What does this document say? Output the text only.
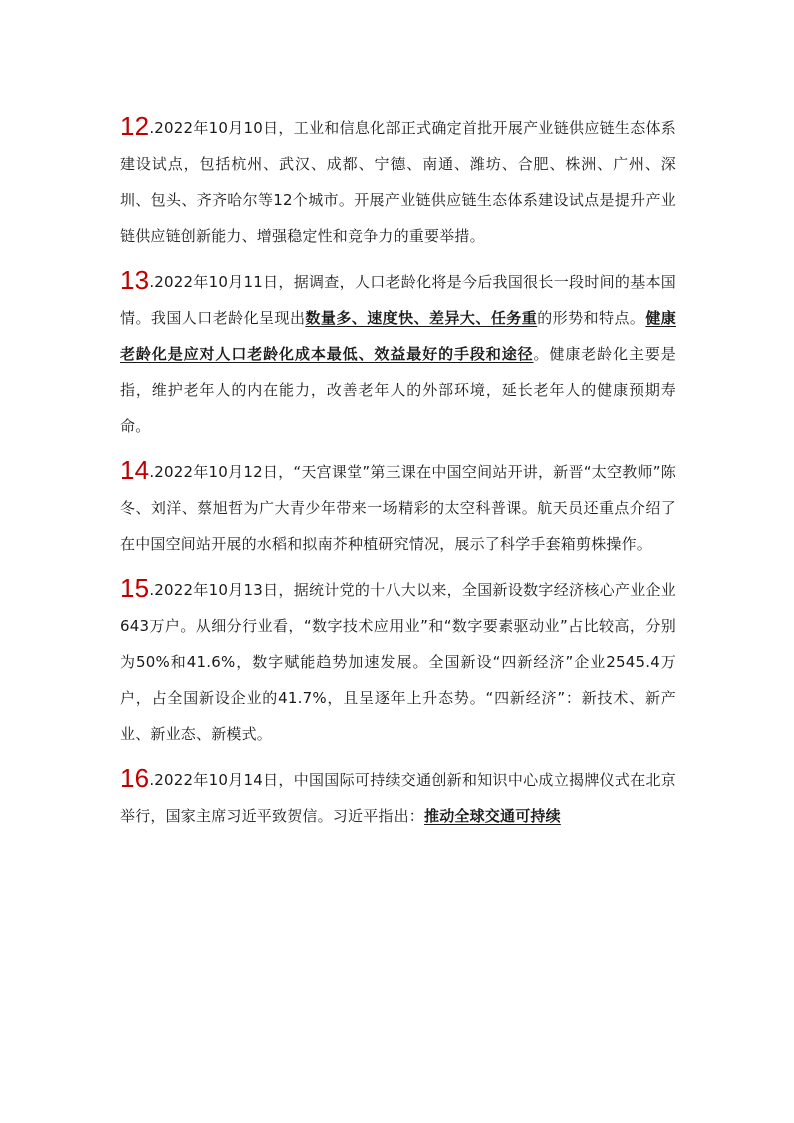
12.2022年10月10日，工业和信息化部正式确定首批开展产业链供应链生态体系建设试点，包括杭州、武汉、成都、宁德、南通、潍坊、合肥、株洲、广州、深圳、包头、齐齐哈尔等12个城市。开展产业链供应链生态体系建设试点是提升产业链供应链创新能力、增强稳定性和竞争力的重要举措。

13.2022年10月11日，据调查，人口老龄化将是今后我国很长一段时间的基本国情。我国人口老龄化呈现出数量多、速度快、差异大、任务重的形势和特点。健康老龄化是应对人口老龄化成本最低、效益最好的手段和途径。健康老龄化主要是指，维护老年人的内在能力，改善老年人的外部环境，延长老年人的健康预期寿命。

14.2022年10月12日，“天宫课堂”第三课在中国空间站开讲，新晋“太空教师”陈冬、刘洋、蔡旭哲为广大青少年带来一场精彩的太空科普课。航天员还重点介绍了在中国空间站开展的水稻和拟南芥种植研究情况，展示了科学手套箱剪株操作。

15.2022年10月13日，据统计党的十八大以来，全国新设数字经济核心产业企业643万户。从细分行业看，“数字技术应用业”和“数字要素驱动业”占比较高，分别为50%和41.6%，数字赋能趋势加速发展。全国新设“四新经济”企业2545.4万户，占全国新设企业的41.7%，且呈逐年上升态势。“四新经济”：新技术、新产业、新业态、新模式。

16.2022年10月14日，中国国际可持续交通创新和知识中心成立揭牌仪式在北京举行，国家主席习近平致贺信。习近平指出：推动全球交通可持续
